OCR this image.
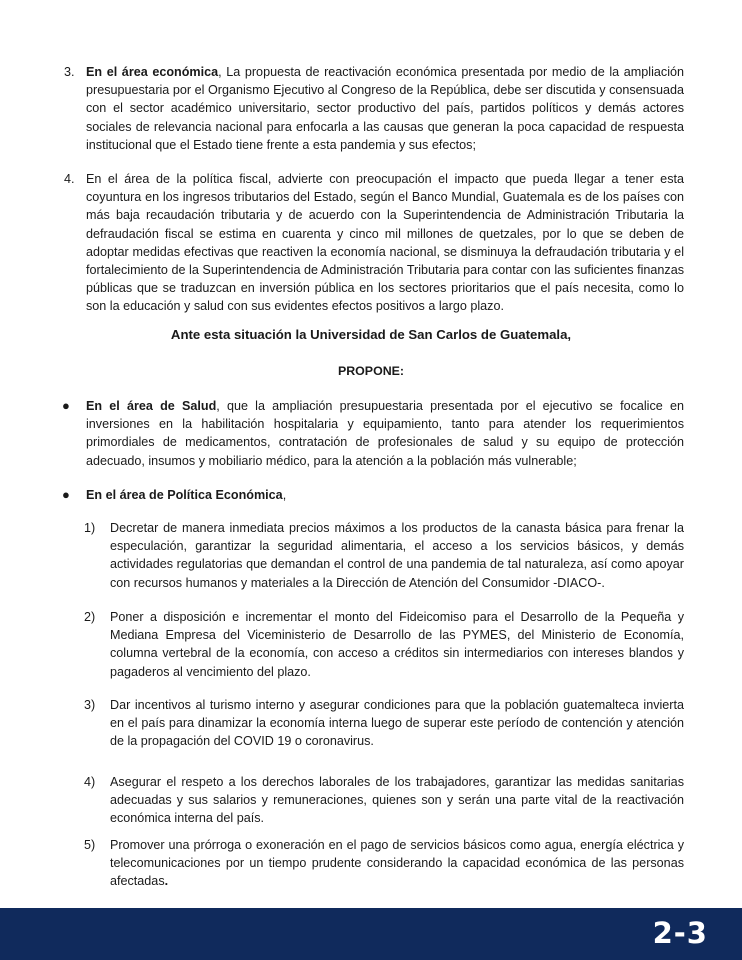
3. En el área económica, La propuesta de reactivación económica presentada por medio de la ampliación presupuestaria por el Organismo Ejecutivo al Congreso de la República, debe ser discutida y consensuada con el sector académico universitario, sector productivo del país, partidos políticos y demás actores sociales de relevancia nacional para enfocarla a las causas que generan la poca capacidad de respuesta institucional que el Estado tiene frente a esta pandemia y sus efectos;
4. En el área de la política fiscal, advierte con preocupación el impacto que pueda llegar a tener esta coyuntura en los ingresos tributarios del Estado, según el Banco Mundial, Guatemala es de los países con más baja recaudación tributaria y de acuerdo con la Superintendencia de Administración Tributaria la defraudación fiscal se estima en cuarenta y cinco mil millones de quetzales, por lo que se deben de adoptar medidas efectivas que reactiven la economía nacional, se disminuya la defraudación tributaria y el fortalecimiento de la Superintendencia de Administración Tributaria para contar con las suficientes finanzas públicas que se traduzcan en inversión pública en los sectores prioritarios que el país necesita, como lo son la educación y salud con sus evidentes efectos positivos a largo plazo.
Ante esta situación la Universidad de San Carlos de Guatemala,
PROPONE:
● En el área de Salud, que la ampliación presupuestaria presentada por el ejecutivo se focalice en inversiones en la habilitación hospitalaria y equipamiento, tanto para atender los requerimientos primordiales de medicamentos, contratación de profesionales de salud y su equipo de protección adecuado, insumos y mobiliario médico, para la atención a la población más vulnerable;
● En el área de Política Económica,
1) Decretar de manera inmediata precios máximos a los productos de la canasta básica para frenar la especulación, garantizar la seguridad alimentaria, el acceso a los servicios básicos, y demás actividades regulatorias que demandan el control de una pandemia de tal naturaleza, así como apoyar con recursos humanos y materiales a la Dirección de Atención del Consumidor -DIACO-.
2) Poner a disposición e incrementar el monto del Fideicomiso para el Desarrollo de la Pequeña y Mediana Empresa del Viceministerio de Desarrollo de las PYMES, del Ministerio de Economía, columna vertebral de la economía, con acceso a créditos sin intermediarios con intereses blandos y pagaderos al vencimiento del plazo.
3) Dar incentivos al turismo interno y asegurar condiciones para que la población guatemalteca invierta en el país para dinamizar la economía interna luego de superar este período de contención y atención de la propagación del COVID 19 o coronavirus.
4) Asegurar el respeto a los derechos laborales de los trabajadores, garantizar las medidas sanitarias adecuadas y sus salarios y remuneraciones, quienes son y serán una parte vital de la reactivación económica interna del país.
5) Promover una prórroga o exoneración en el pago de servicios básicos como agua, energía eléctrica y telecomunicaciones por un tiempo prudente considerando la capacidad económica de las personas afectadas.
2-3
